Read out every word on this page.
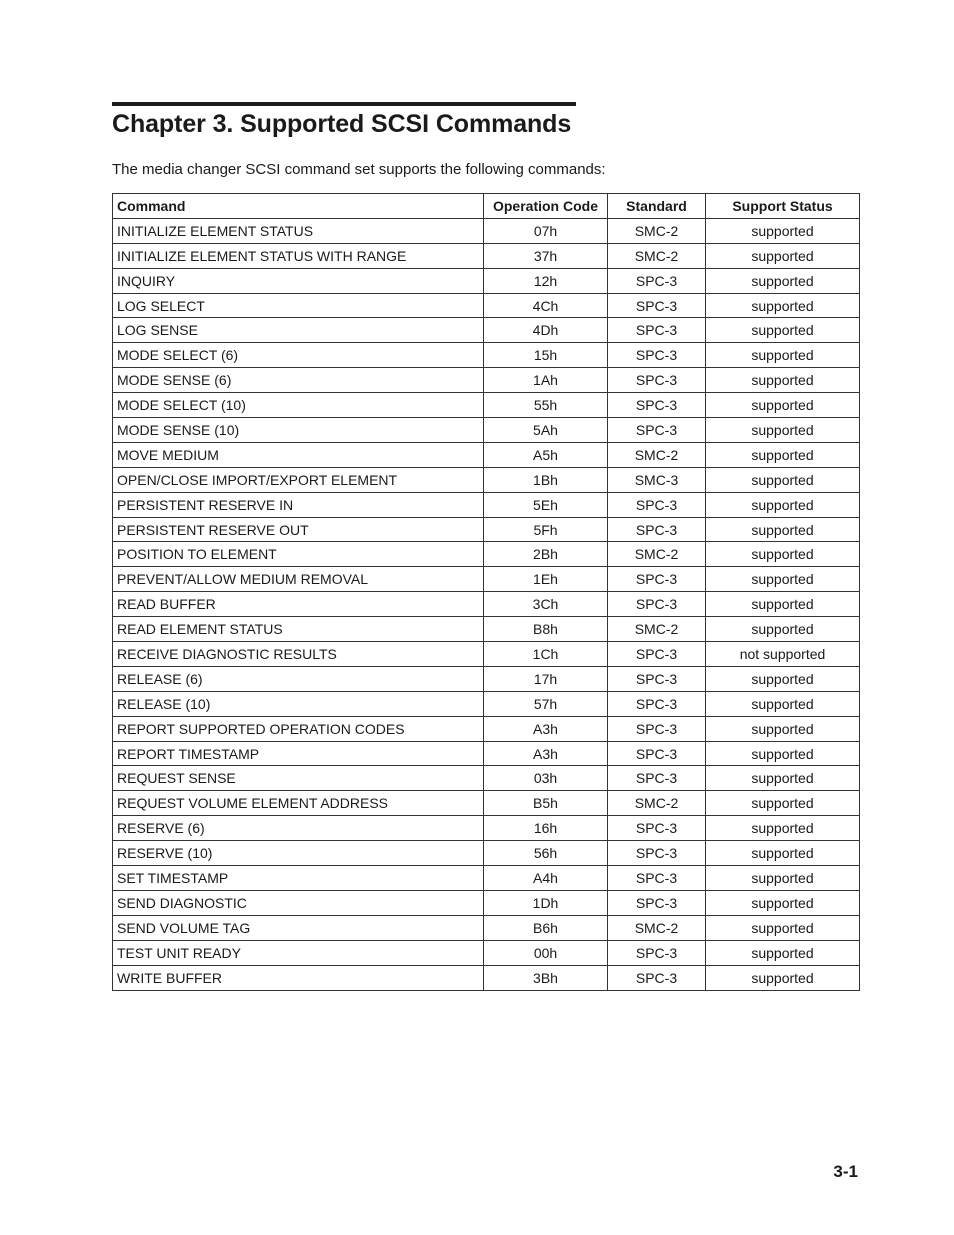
Chapter 3. Supported SCSI Commands

The media changer SCSI command set supports the following commands:

Command	Operation Code	Standard	Support Status
INITIALIZE ELEMENT STATUS	07h	SMC-2	supported
INITIALIZE ELEMENT STATUS WITH RANGE	37h	SMC-2	supported
INQUIRY	12h	SPC-3	supported
LOG SELECT	4Ch	SPC-3	supported
LOG SENSE	4Dh	SPC-3	supported
MODE SELECT (6)	15h	SPC-3	supported
MODE SENSE (6)	1Ah	SPC-3	supported
MODE SELECT (10)	55h	SPC-3	supported
MODE SENSE (10)	5Ah	SPC-3	supported
MOVE MEDIUM	A5h	SMC-2	supported
OPEN/CLOSE IMPORT/EXPORT ELEMENT	1Bh	SMC-3	supported
PERSISTENT RESERVE IN	5Eh	SPC-3	supported
PERSISTENT RESERVE OUT	5Fh	SPC-3	supported
POSITION TO ELEMENT	2Bh	SMC-2	supported
PREVENT/ALLOW MEDIUM REMOVAL	1Eh	SPC-3	supported
READ BUFFER	3Ch	SPC-3	supported
READ ELEMENT STATUS	B8h	SMC-2	supported
RECEIVE DIAGNOSTIC RESULTS	1Ch	SPC-3	not supported
RELEASE (6)	17h	SPC-3	supported
RELEASE (10)	57h	SPC-3	supported
REPORT SUPPORTED OPERATION CODES	A3h	SPC-3	supported
REPORT TIMESTAMP	A3h	SPC-3	supported
REQUEST SENSE	03h	SPC-3	supported
REQUEST VOLUME ELEMENT ADDRESS	B5h	SMC-2	supported
RESERVE (6)	16h	SPC-3	supported
RESERVE (10)	56h	SPC-3	supported
SET TIMESTAMP	A4h	SPC-3	supported
SEND DIAGNOSTIC	1Dh	SPC-3	supported
SEND VOLUME TAG	B6h	SMC-2	supported
TEST UNIT READY	00h	SPC-3	supported
WRITE BUFFER	3Bh	SPC-3	supported
3-1
